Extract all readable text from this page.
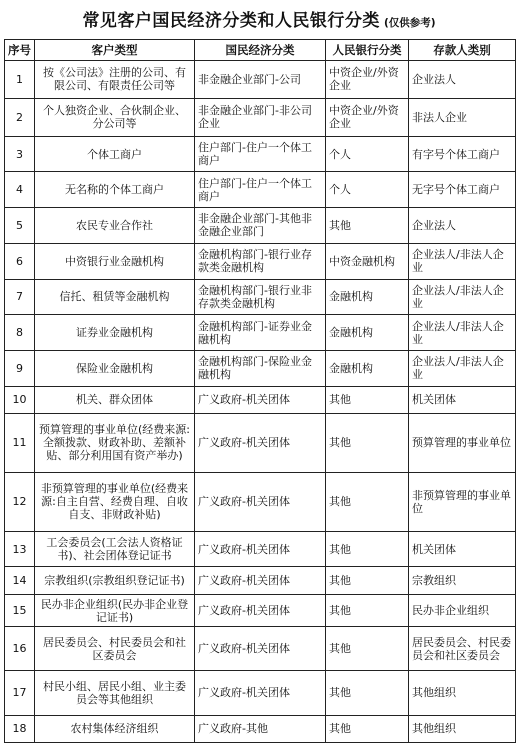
常见客户国民经济分类和人民银行分类 (仅供参考)
序号	客户类型	国民经济分类	人民银行分类	存款人类别
1	按《公司法》注册的公司、有限公司、有限责任公司等	非金融企业部门-公司	中资企业/外资企业	企业法人
2	个人独资企业、合伙制企业、分公司等	非金融企业部门-非公司企业	中资企业/外资企业	非法人企业
3	个体工商户	住户部门-住户一个体工商户	个人	有字号个体工商户
4	无名称的个体工商户	住户部门-住户一个体工商户	个人	无字号个体工商户
5	农民专业合作社	非金融企业部门-其他非金融企业部门	其他	企业法人
6	中资银行业金融机构	金融机构部门-银行业存款类金融机构	中资金融机构	企业法人/非法人企业
7	信托、租赁等金融机构	金融机构部门-银行业非存款类金融机构	金融机构	企业法人/非法人企业
8	证券业金融机构	金融机构部门-证券业金融机构	金融机构	企业法人/非法人企业
9	保险业金融机构	金融机构部门-保险业金融机构	金融机构	企业法人/非法人企业
10	机关、群众团体	广义政府-机关团体	其他	机关团体
11	预算管理的事业单位(经费来源:全额拨款、财政补助、差额补贴、部分利用国有资产举办)	广义政府-机关团体	其他	预算管理的事业单位
12	非预算管理的事业单位(经费来源:自主自营、经费自理、自收自支、非财政补贴)	广义政府-机关团体	其他	非预算管理的事业单位
13	工会委员会(工会法人资格证书)、社会团体登记证书	广义政府-机关团体	其他	机关团体
14	宗教组织(宗教组织登记证书)	广义政府-机关团体	其他	宗教组织
15	民办非企业组织(民办非企业登记证书)	广义政府-机关团体	其他	民办非企业组织
16	居民委员会、村民委员会和社区委员会	广义政府-机关团体	其他	居民委员会、村民委员会和社区委员会
17	村民小组、居民小组、业主委员会等其他组织	广义政府-机关团体	其他	其他组织
18	农村集体经济组织	广义政府-其他	其他	其他组织
